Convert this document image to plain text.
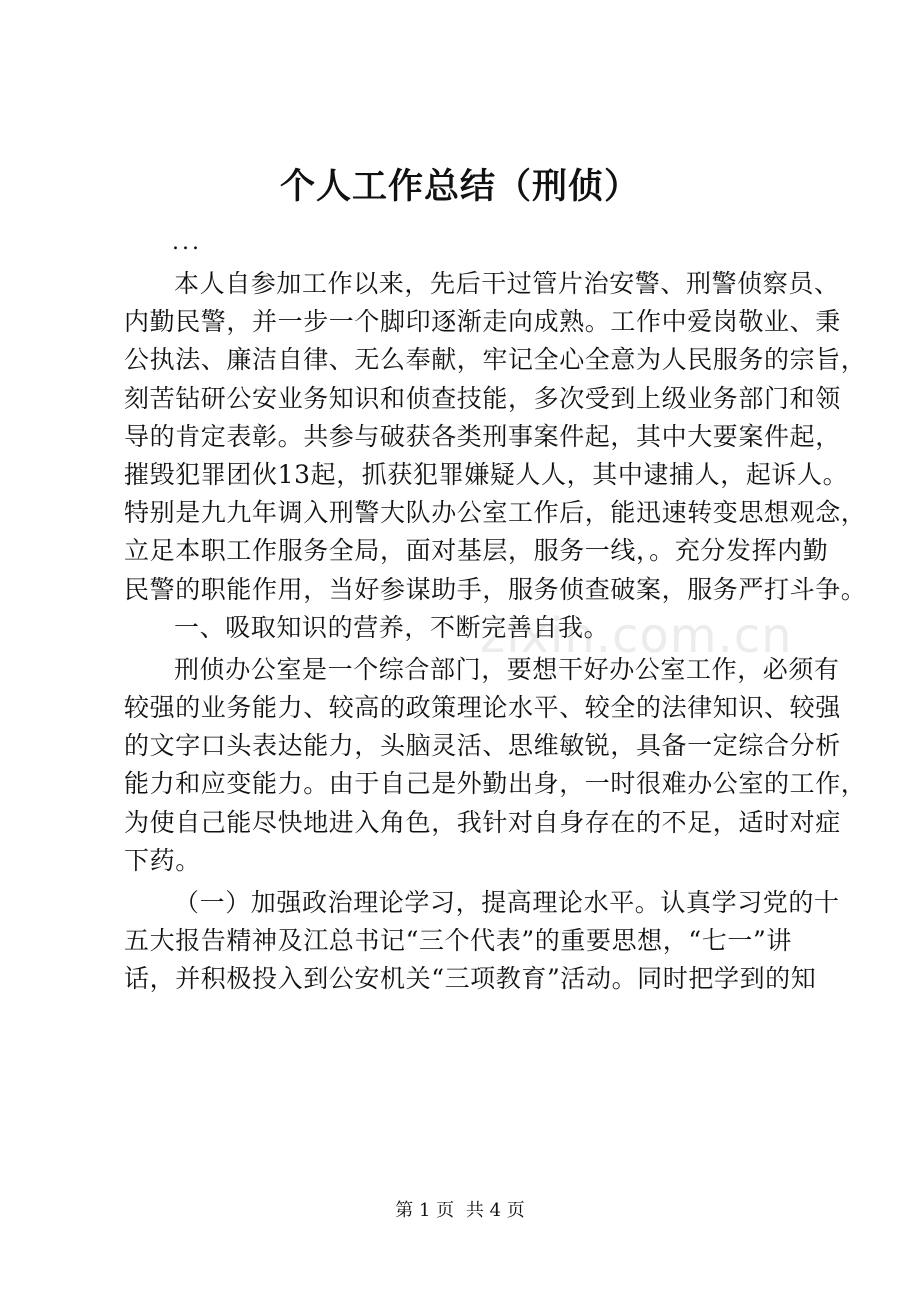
个人工作总结（刑侦）
...
zixin.com.cn
本人自参加工作以来，先后干过管片治安警、刑警侦察员、
内勤民警，并一步一个脚印逐渐走向成熟。工作中爱岗敬业、秉
公执法、廉洁自律、无么奉献，牢记全心全意为人民服务的宗旨，
刻苦钻研公安业务知识和侦查技能，多次受到上级业务部门和领
导的肯定表彰。共参与破获各类刑事案件起，其中大要案件起，
摧毁犯罪团伙13起，抓获犯罪嫌疑人人，其中逮捕人，起诉人。
特别是九九年调入刑警大队办公室工作后，能迅速转变思想观念，
立足本职工作服务全局，面对基层，服务一线，。充分发挥内勤
民警的职能作用，当好参谋助手，服务侦查破案，服务严打斗争。
一、吸取知识的营养，不断完善自我。
刑侦办公室是一个综合部门，要想干好办公室工作，必须有
较强的业务能力、较高的政策理论水平、较全的法律知识、较强
的文字口头表达能力，头脑灵活、思维敏锐，具备一定综合分析
能力和应变能力。由于自己是外勤出身，一时很难办公室的工作，
为使自己能尽快地进入角色，我针对自身存在的不足，适时对症
下药。
（一）加强政治理论学习，提高理论水平。认真学习党的十
五大报告精神及江总书记“三个代表”的重要思想，“七一”讲
话，并积极投入到公安机关“三项教育”活动。同时把学到的知
第 1 页 共 4 页
